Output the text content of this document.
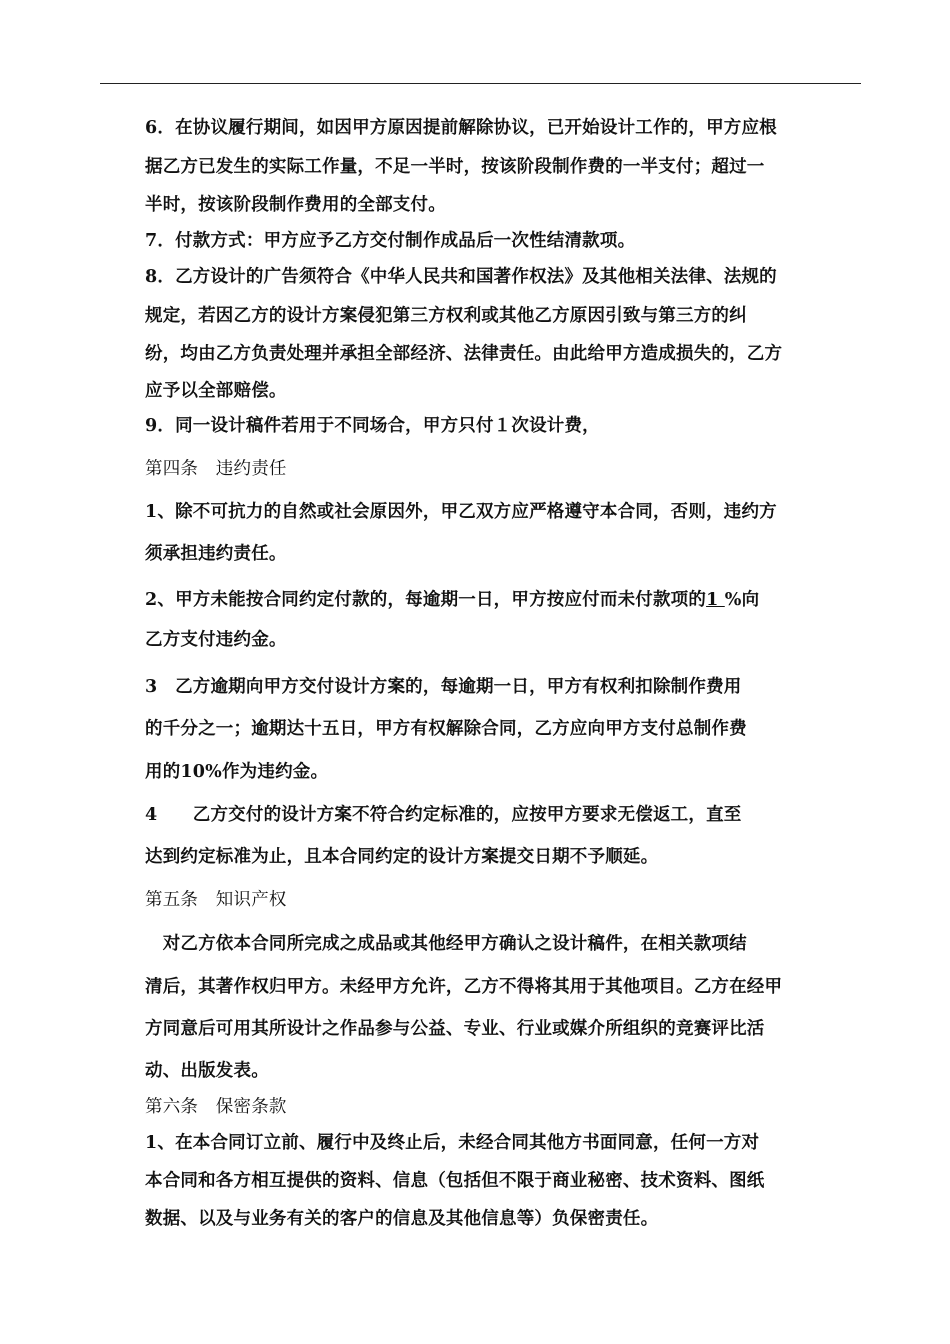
6．在协议履行期间，如因甲方原因提前解除协议，已开始设计工作的，甲方应根
据乙方已发生的实际工作量，不足一半时，按该阶段制作费的一半支付；超过一
半时，按该阶段制作费用的全部支付。
7．付款方式：甲方应予乙方交付制作成品后一次性结清款项。
8．乙方设计的广告须符合《中华人民共和国著作权法》及其他相关法律、法规的
规定，若因乙方的设计方案侵犯第三方权利或其他乙方原因引致与第三方的纠
纷，均由乙方负责处理并承担全部经济、法律责任。由此给甲方造成损失的，乙方
应予以全部赔偿。
9．同一设计稿件若用于不同场合，甲方只付１次设计费，
第四条　违约责任
1、除不可抗力的自然或社会原因外，甲乙双方应严格遵守本合同，否则，违约方
须承担违约责任。
2、甲方未能按合同约定付款的，每逾期一日，甲方按应付而未付款项的1 %向
乙方支付违约金。
3　乙方逾期向甲方交付设计方案的，每逾期一日，甲方有权利扣除制作费用
的千分之一；逾期达十五日，甲方有权解除合同，乙方应向甲方支付总制作费
用的10%作为违约金。
4　　乙方交付的设计方案不符合约定标准的，应按甲方要求无偿返工，直至
达到约定标准为止，且本合同约定的设计方案提交日期不予顺延。
第五条　知识产权
　对乙方依本合同所完成之成品或其他经甲方确认之设计稿件，在相关款项结
清后，其著作权归甲方。未经甲方允许，乙方不得将其用于其他项目。乙方在经甲
方同意后可用其所设计之作品参与公益、专业、行业或媒介所组织的竞赛评比活
动、出版发表。
第六条　保密条款
1、在本合同订立前、履行中及终止后，未经合同其他方书面同意，任何一方对
本合同和各方相互提供的资料、信息（包括但不限于商业秘密、技术资料、图纸
数据、以及与业务有关的客户的信息及其他信息等）负保密责任。
